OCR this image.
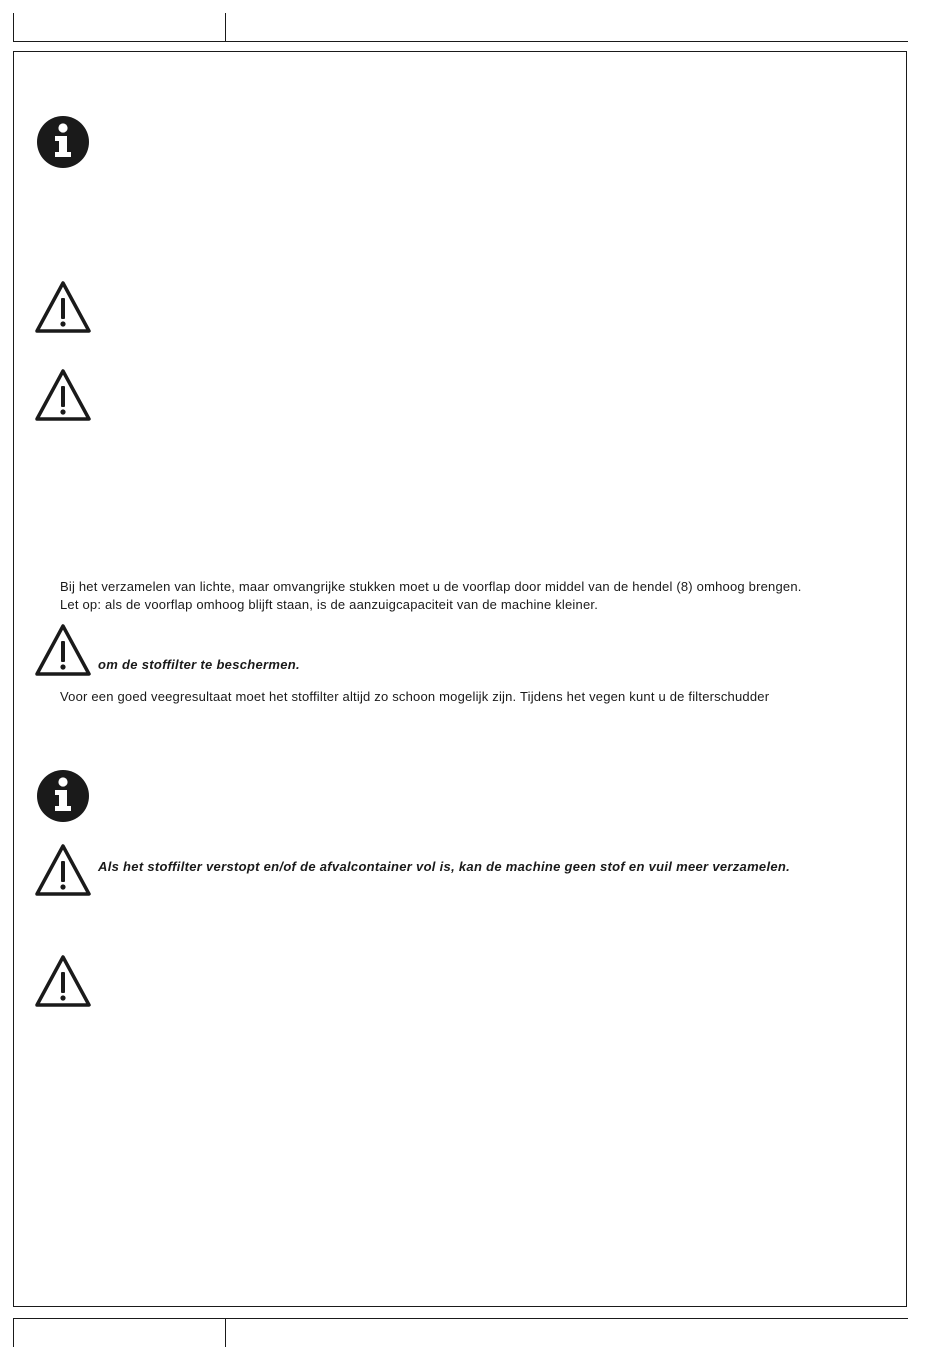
Bij het verzamelen van lichte, maar omvangrijke stukken moet u de voorflap door middel van de hendel (8) omhoog brengen.
Let op: als de voorflap omhoog blijft staan, is de aanzuigcapaciteit van de machine kleiner.
om de stoffilter te beschermen.
Voor een goed veegresultaat moet het stoffilter altijd zo schoon mogelijk zijn. Tijdens het vegen kunt u de filterschudder
Als het stoffilter verstopt en/of de afvalcontainer vol is, kan de machine geen stof en vuil meer verzamelen.
